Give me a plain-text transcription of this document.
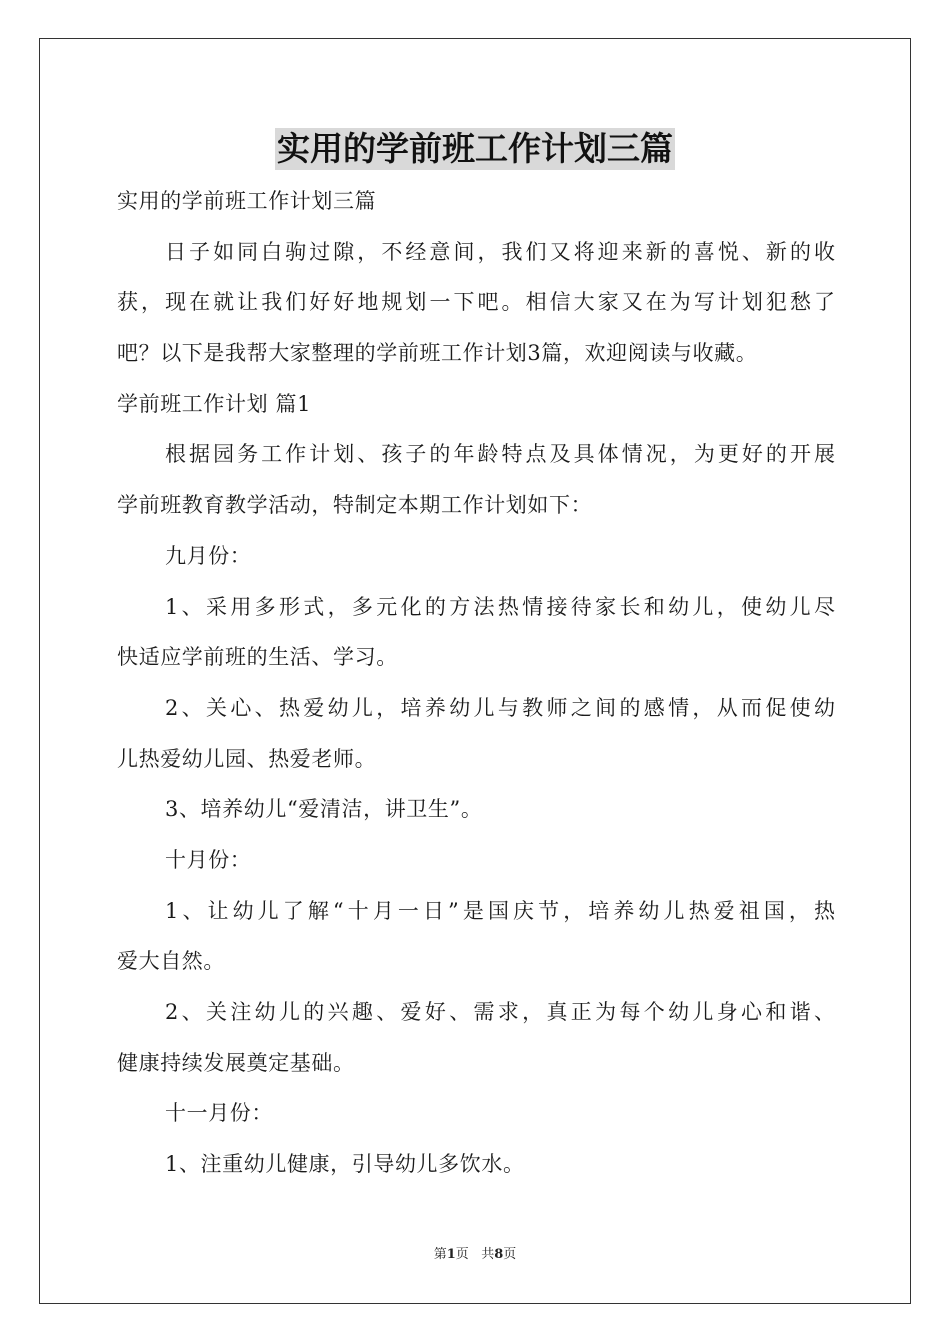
实用的学前班工作计划三篇
实用的学前班工作计划三篇
日子如同白驹过隙，不经意间，我们又将迎来新的喜悦、新的收
获，现在就让我们好好地规划一下吧。相信大家又在为写计划犯愁了
吧？以下是我帮大家整理的学前班工作计划3篇，欢迎阅读与收藏。
学前班工作计划 篇1
根据园务工作计划、孩子的年龄特点及具体情况，为更好的开展
学前班教育教学活动，特制定本期工作计划如下：
九月份：
1、采用多形式，多元化的方法热情接待家长和幼儿，使幼儿尽
快适应学前班的生活、学习。
2、关心、热爱幼儿，培养幼儿与教师之间的感情，从而促使幼
儿热爱幼儿园、热爱老师。
3、培养幼儿“爱清洁，讲卫生”。
十月份：
1、让幼儿了解“十月一日”是国庆节，培养幼儿热爱祖国，热
爱大自然。
2、关注幼儿的兴趣、爱好、需求，真正为每个幼儿身心和谐、
健康持续发展奠定基础。
十一月份：
1、注重幼儿健康，引导幼儿多饮水。
第1页 共8页
